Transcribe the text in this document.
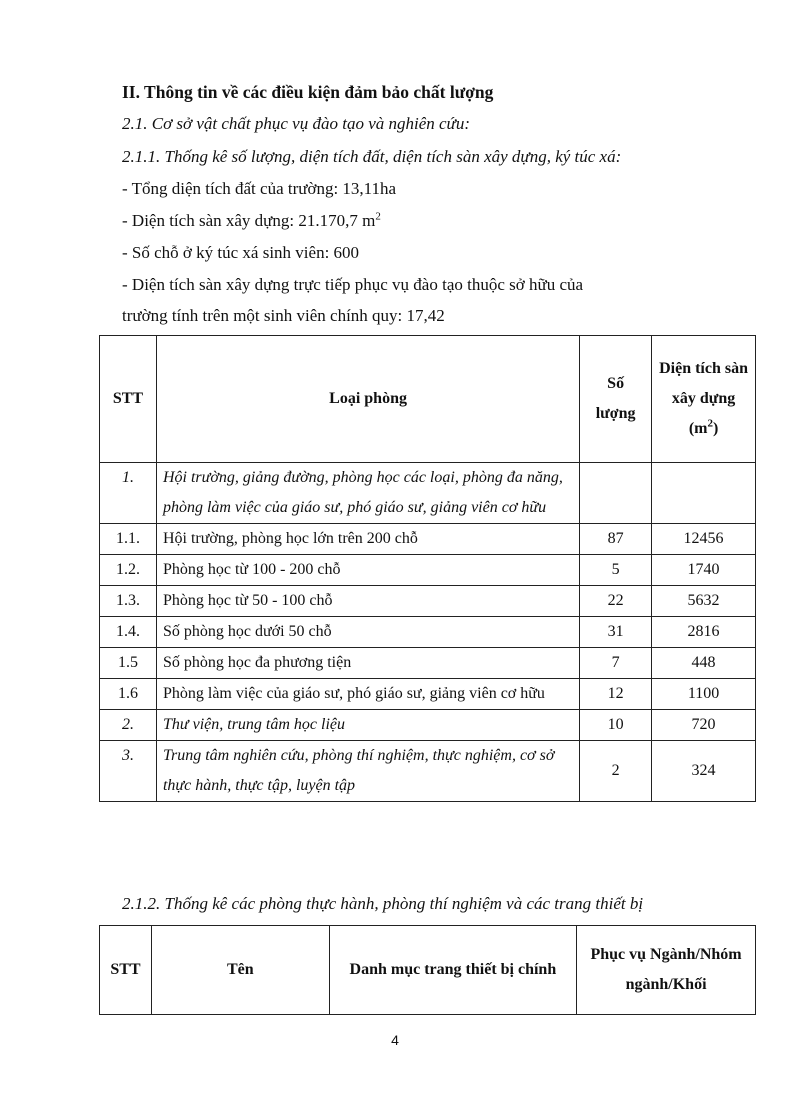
II. Thông tin về các điều kiện đảm bảo chất lượng
2.1. Cơ sở vật chất phục vụ đào tạo và nghiên cứu:
2.1.1. Thống kê số lượng, diện tích đất, diện tích sàn xây dựng, ký túc xá:
- Tổng diện tích đất của trường: 13,11ha
- Diện tích sàn xây dựng: 21.170,7 $m^2$
- Số chỗ ở ký túc xá sinh viên: 600
- Diện tích sàn xây dựng trực tiếp phục vụ đào tạo thuộc sở hữu của
trường tính trên một sinh viên chính quy: 17,42
STT	Loại phòng	Số lượng	Diện tích sàn xây dựng
$(m^2)$
1.	Hội trường, giảng đường, phòng học các loại, phòng đa năng, phòng làm việc của giáo sư, phó giáo sư, giảng viên cơ hữu		
1.1.	Hội trường, phòng học lớn trên 200 chỗ	87	12456
1.2.	Phòng học từ 100 - 200 chỗ	5	1740
1.3.	Phòng học từ 50 - 100 chỗ	22	5632
1.4.	Số phòng học dưới 50 chỗ	31	2816
1.5	Số phòng học đa phương tiện	7	448
1.6	Phòng làm việc của giáo sư, phó giáo sư, giảng viên cơ hữu	12	1100
2.	Thư viện, trung tâm học liệu	10	720
3.	Trung tâm nghiên cứu, phòng thí nghiệm, thực nghiệm, cơ sở thực hành, thực tập, luyện tập	2	324
2.1.2. Thống kê các phòng thực hành, phòng thí nghiệm và các trang thiết bị
STT	Tên	Danh mục trang thiết bị chính	Phục vụ Ngành/Nhóm ngành/Khối
4
